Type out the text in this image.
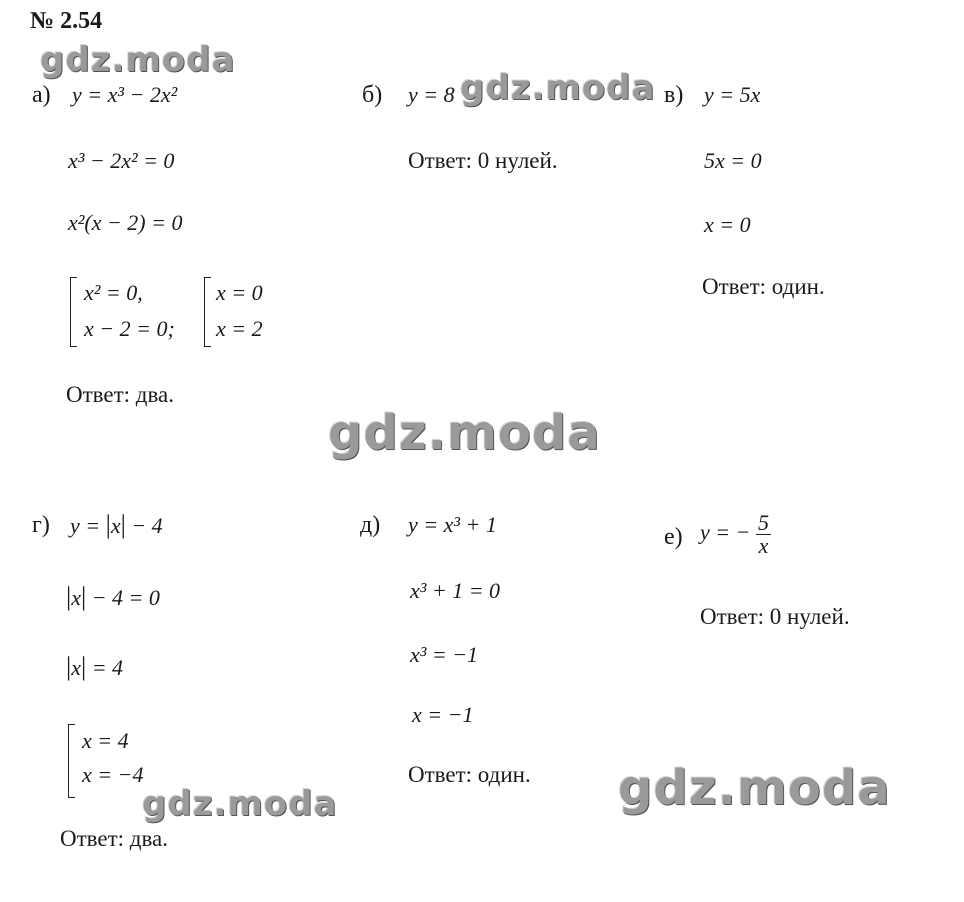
№ 2.54
gdz.moda
gdz.moda
gdz.moda
gdz.moda	gdz.moda
а) y = x³ − 2x²
x³ − 2x² = 0
x²(x − 2) = 0
x² = 0,
x − 2 = 0;
x = 0
x = 2
Ответ: два.
б) y = 8
Ответ: 0 нулей.
в) y = 5x
5x = 0
x = 0
Ответ: один.
г) y = |x| − 4
|x| − 4 = 0
|x| = 4
x = 4
x = −4
Ответ: два.
д) y = x³ + 1
x³ + 1 = 0
x³ = −1
x = −1
Ответ: один.
е) y = − $\frac{5}{x}$
Ответ: 0 нулей.
